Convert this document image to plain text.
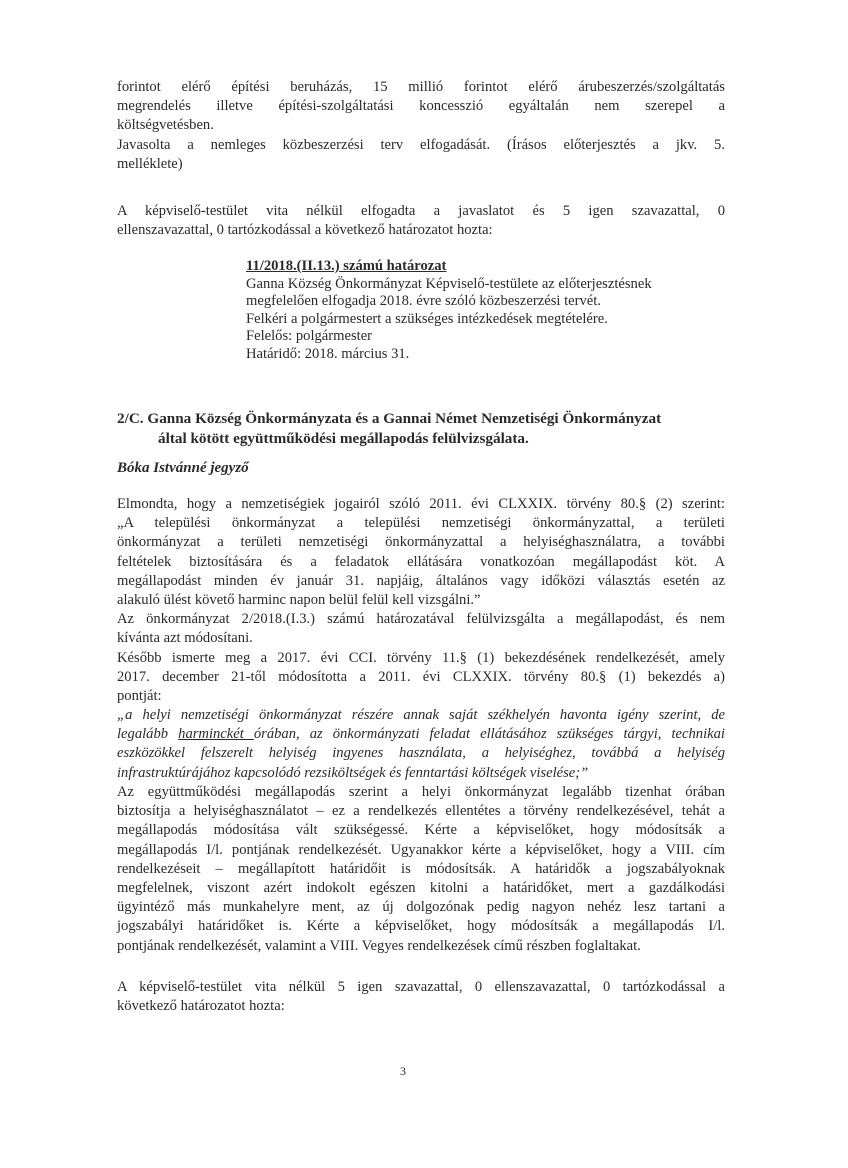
forintot elérő építési beruházás, 15 millió forintot elérő árubeszerzés/szolgáltatás
megrendelés illetve építési-szolgáltatási koncesszió egyáltalán nem szerepel a
költségvetésben.
Javasolta a nemleges közbeszerzési terv elfogadását. (Írásos előterjesztés a jkv. 5.
melléklete)

A képviselő-testület vita nélkül elfogadta a javaslatot és 5 igen szavazattal, 0
ellenszavazattal, 0 tartózkodással a következő határozatot hozta:

11/2018.(II.13.) számú határozat
Ganna Község Önkormányzat Képviselő-testülete az előterjesztésnek
megfelelően elfogadja 2018. évre szóló közbeszerzési tervét.
Felkéri a polgármestert a szükséges intézkedések megtételére.
Felelős: polgármester
Határidő: 2018. március 31.
2/C. Ganna Község Önkormányzata és a Gannai Német Nemzetiségi Önkormányzat
által kötött együttműködési megállapodás felülvizsgálata.

Bóka Istvánné jegyző

Elmondta, hogy a nemzetiségiek jogairól szóló 2011. évi CLXXIX. törvény 80.§ (2) szerint:
„A települési önkormányzat a települési nemzetiségi önkormányzattal, a területi
önkormányzat a területi nemzetiségi önkormányzattal a helyiséghasználatra, a további
feltételek biztosítására és a feladatok ellátására vonatkozóan megállapodást köt. A
megállapodást minden év január 31. napjáig, általános vagy időközi választás esetén az
alakuló ülést követő harminc napon belül felül kell vizsgálni.”
Az önkormányzat 2/2018.(I.3.) számú határozatával felülvizsgálta a megállapodást, és nem
kívánta azt módosítani.
Később ismerte meg a 2017. évi CCI. törvény 11.§ (1) bekezdésének rendelkezését, amely
2017. december 21-től módosította a 2011. évi CLXXIX. törvény 80.§ (1) bekezdés a)
pontját:

„a helyi nemzetiségi önkormányzat részére annak saját székhelyén havonta igény szerint, de
legalább harminckét órában, az önkormányzati feladat ellátásához szükséges tárgyi, technikai
eszközökkel felszerelt helyiség ingyenes használata, a helyiséghez, továbbá a helyiség
infrastruktúrájához kapcsolódó rezsiköltségek és fenntartási költségek viselése;”

Az együttműködési megállapodás szerint a helyi önkormányzat legalább tizenhat órában
biztosítja a helyiséghasználatot – ez a rendelkezés ellentétes a törvény rendelkezésével, tehát a
megállapodás módosítása vált szükségessé. Kérte a képviselőket, hogy módosítsák a
megállapodás I/l. pontjának rendelkezését. Ugyanakkor kérte a képviselőket, hogy a VIII. cím
rendelkezéseit – megállapított határidőit is módosítsák. A határidők a jogszabályoknak
megfelelnek, viszont azért indokolt egészen kitolni a határidőket, mert a gazdálkodási
ügyintéző más munkahelyre ment, az új dolgozónak pedig nagyon nehéz lesz tartani a
jogszabályi határidőket is. Kérte a képviselőket, hogy módosítsák a megállapodás I/l.
pontjának rendelkezését, valamint a VIII. Vegyes rendelkezések című részben foglaltakat.

A képviselő-testület vita nélkül 5 igen szavazattal, 0 ellenszavazattal, 0 tartózkodással a
következő határozatot hozta:

3
